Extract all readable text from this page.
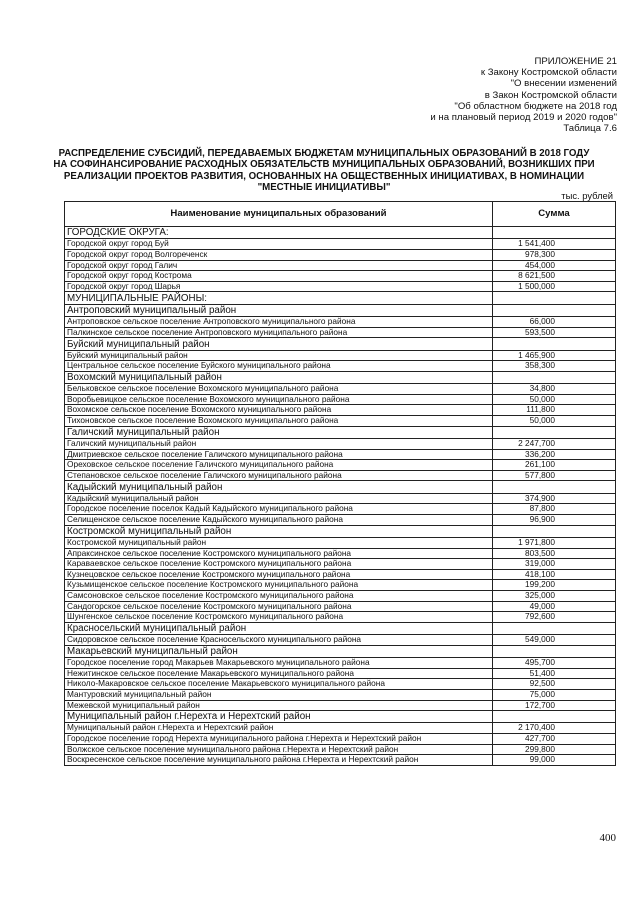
ПРИЛОЖЕНИЕ 21
к Закону Костромской области
"О внесении изменений
в Закон Костромской области
"Об областном бюджете на 2018 год
и на плановый период 2019 и 2020 годов"
Таблица 7.6
РАСПРЕДЕЛЕНИЕ СУБСИДИЙ, ПЕРЕДАВАЕМЫХ БЮДЖЕТАМ МУНИЦИПАЛЬНЫХ ОБРАЗОВАНИЙ В 2018 ГОДУ
НА СОФИНАНСИРОВАНИЕ РАСХОДНЫХ ОБЯЗАТЕЛЬСТВ МУНИЦИПАЛЬНЫХ ОБРАЗОВАНИЙ, ВОЗНИКШИХ ПРИ
РЕАЛИЗАЦИИ ПРОЕКТОВ РАЗВИТИЯ, ОСНОВАННЫХ НА ОБЩЕСТВЕННЫХ ИНИЦИАТИВАХ, В НОМИНАЦИИ
"МЕСТНЫЕ ИНИЦИАТИВЫ"
тыс. рублей
Наименование муниципальных образований	Сумма
ГОРОДСКИЕ ОКРУГА:	
Городской округ город Буй	1 541,400
Городской округ город Волгореченск	978,300
Городской округ город Галич	454,000
Городской округ город Кострома	8 621,500
Городской округ город Шарья	1 500,000
МУНИЦИПАЛЬНЫЕ РАЙОНЫ:	
Антроповский муниципальный район	
Антроповское сельское поселение Антроповского муниципального района	66,000
Палкинское сельское поселение Антроповского муниципального района	593,500
Буйский муниципальный район	
Буйский муниципальный район	1 465,900
Центральное сельское поселение Буйского муниципального района	358,300
Вохомский муниципальный район	
Бельковское сельское поселение Вохомского муниципального района	34,800
Воробьевицкое сельское поселение Вохомского муниципального района	50,000
Вохомское сельское поселение Вохомского муниципального района	111,800
Тихоновское сельское поселение Вохомского муниципального района	50,000
Галичский муниципальный район	
Галичский муниципальный район	2 247,700
Дмитриевское сельское поселение Галичского муниципального района	336,200
Ореховское сельское поселение Галичского муниципального района	261,100
Степановское сельское поселение Галичского муниципального района	577,800
Кадыйский муниципальный район	
Кадыйский муниципальный район	374,900
Городское поселение поселок Кадый Кадыйского муниципального района	87,800
Селищенское сельское поселение Кадыйского муниципального района	96,900
Костромской муниципальный район	
Костромской муниципальный район	1 971,800
Апраксинское сельское поселение Костромского муниципального района	803,500
Караваевское сельское поселение Костромского муниципального района	319,000
Кузнецовское сельское поселение Костромского муниципального района	418,100
Кузьмищенское сельское поселение Костромского муниципального района	199,200
Самсоновское сельское поселение Костромского муниципального района	325,000
Сандогорское сельское поселение Костромского муниципального района	49,000
Шунгенское сельское поселение Костромского муниципального района	792,600
Красносельский муниципальный район	
Сидоровское сельское поселение Красносельского муниципального района	549,000
Макарьевский муниципальный район	
Городское поселение город Макарьев Макарьевского муниципального района	495,700
Нежитинское сельское поселение Макарьевского муниципального района	51,400
Николо-Макаровское сельское поселение Макарьевского муниципального района	92,500
Мантуровский муниципальный район	75,000
Межевской муниципальный район	172,700
Муниципальный район г.Нерехта и Нерехтский район	
Муниципальный район г.Нерехта и Нерехтский район	2 170,400
Городское поселение город Нерехта муниципального района г.Нерехта и Нерехтский район	427,700
Волжское сельское поселение муниципального района г.Нерехта и Нерехтский район	299,800
Воскресенское сельское поселение муниципального района г.Нерехта и Нерехтский район	99,000
400
